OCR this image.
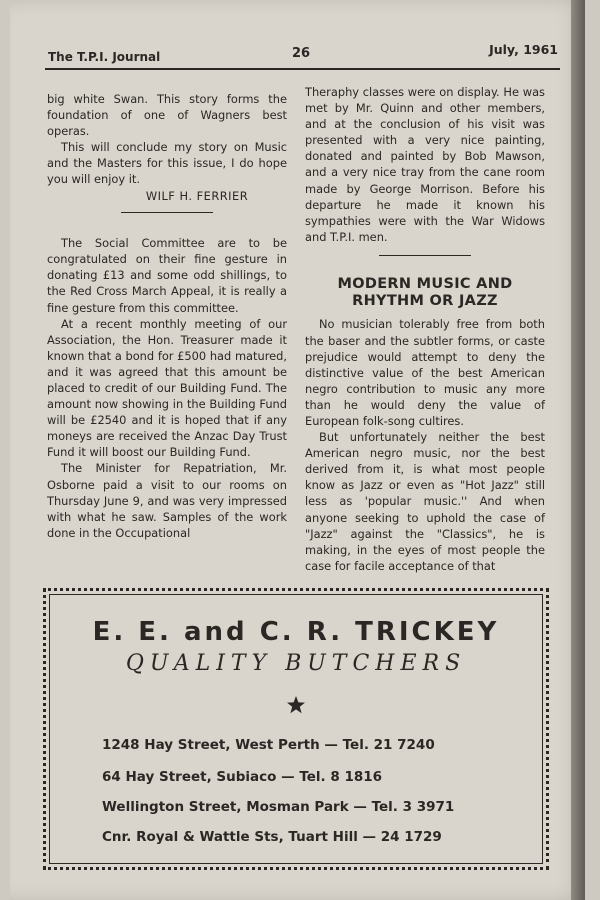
The T.P.I. Journal	26	July, 1961

big white Swan. This story forms the foundation of one of Wagners best operas.

This will conclude my story on Music and the Masters for this issue, I do hope you will enjoy it.

WILF H. FERRIER

The Social Committee are to be congratulated on their fine gesture in donating £13 and some odd shillings, to the Red Cross March Appeal, it is really a fine gesture from this committee.

At a recent monthly meeting of our Association, the Hon. Treasurer made it known that a bond for £500 had matured, and it was agreed that this amount be placed to credit of our Building Fund. The amount now showing in the Building Fund will be £2540 and it is hoped that if any moneys are received the Anzac Day Trust Fund it will boost our Building Fund.

The Minister for Repatriation, Mr. Osborne paid a visit to our rooms on Thursday June 9, and was very impressed with what he saw. Samples of the work done in the Occupational

Theraphy classes were on display. He was met by Mr. Quinn and other members, and at the conclusion of his visit was presented with a very nice painting, donated and painted by Bob Mawson, and a very nice tray from the cane room made by George Morrison. Before his departure he made it known his sympathies were with the War Widows and T.P.I. men.

MODERN MUSIC AND
RHYTHM OR JAZZ

No musician tolerably free from both the baser and the subtler forms, or caste prejudice would attempt to deny the distinctive value of the best American negro contribution to music any more than he would deny the value of European folk-song cultires.

But unfortunately neither the best American negro music, nor the best derived from it, is what most people know as Jazz or even as "Hot Jazz" still less as 'popular music.'' And when anyone seeking to uphold the case of "Jazz" against the "Classics", he is making, in the eyes of most people the case for facile acceptance of that

E. E. and C. R. TRICKEY
QUALITY BUTCHERS
1248 Hay Street, West Perth — Tel. 21 7240
64 Hay Street, Subiaco — Tel. 8 1816
Wellington Street, Mosman Park — Tel. 3 3971
Cnr. Royal & Wattle Sts, Tuart Hill — 24 1729
